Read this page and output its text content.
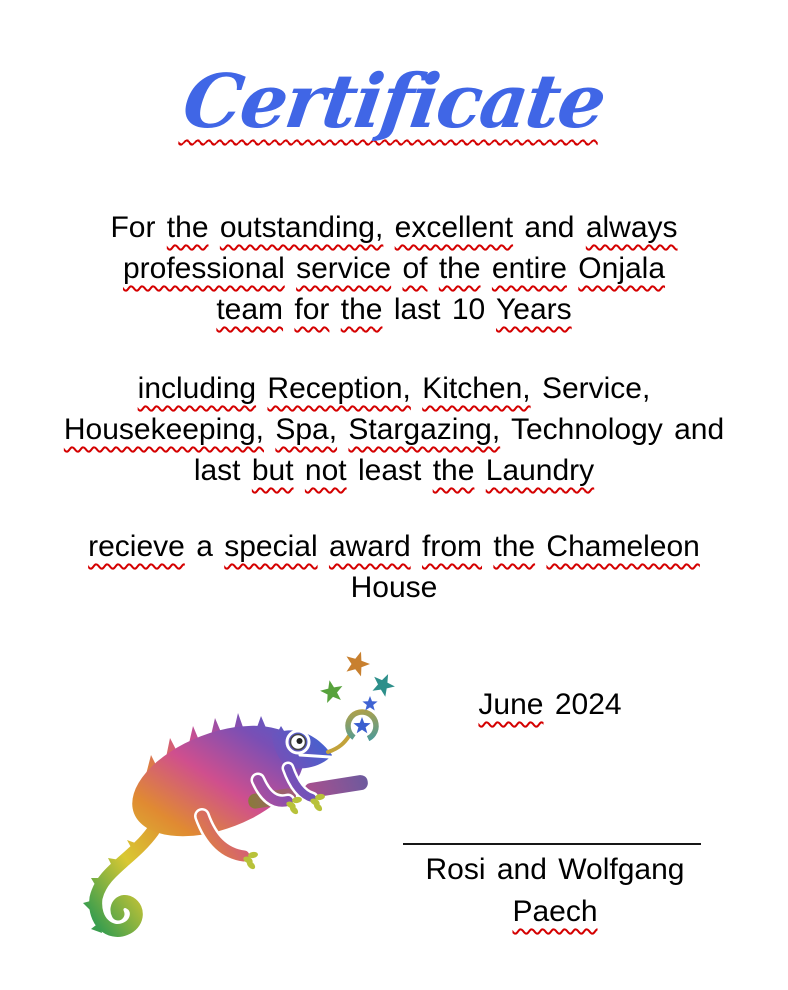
Certificate
For the outstanding, excellent and always
professional service of the entire Onjala
team for the last 10 Years
including Reception, Kitchen, Service,
Housekeeping, Spa, Stargazing, Technology and
last but not least the Laundry
recieve a special award from the Chameleon
House
June 2024
Rosi and Wolfgang
Paech
